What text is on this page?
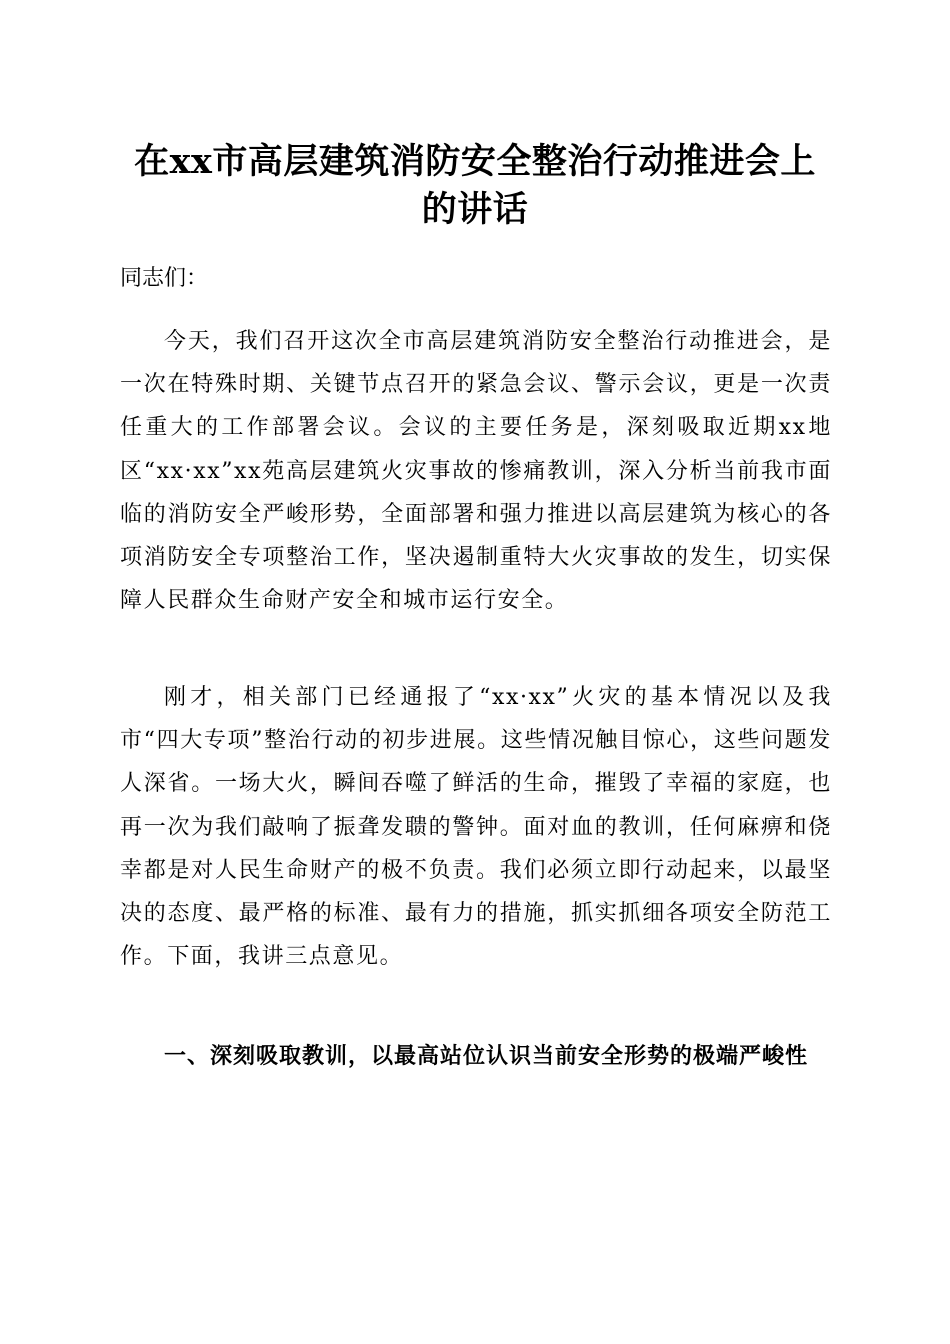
在xx市高层建筑消防安全整治行动推进会上
的讲话

同志们：

今天，我们召开这次全市高层建筑消防安全整治行动推进会，是一次在特殊时期、关键节点召开的紧急会议、警示会议，更是一次责任重大的工作部署会议。会议的主要任务是，深刻吸取近期xx地区“xx·xx”xx苑高层建筑火灾事故的惨痛教训，深入分析当前我市面临的消防安全严峻形势，全面部署和强力推进以高层建筑为核心的各项消防安全专项整治工作，坚决遏制重特大火灾事故的发生，切实保障人民群众生命财产安全和城市运行安全。

刚才，相关部门已经通报了“xx·xx”火灾的基本情况以及我市“四大专项”整治行动的初步进展。这些情况触目惊心，这些问题发人深省。一场大火，瞬间吞噬了鲜活的生命，摧毁了幸福的家庭，也再一次为我们敲响了振聋发聩的警钟。面对血的教训，任何麻痹和侥幸都是对人民生命财产的极不负责。我们必须立即行动起来，以最坚决的态度、最严格的标准、最有力的措施，抓实抓细各项安全防范工作。下面，我讲三点意见。

一、深刻吸取教训，以最高站位认识当前安全形势的极端严峻性
